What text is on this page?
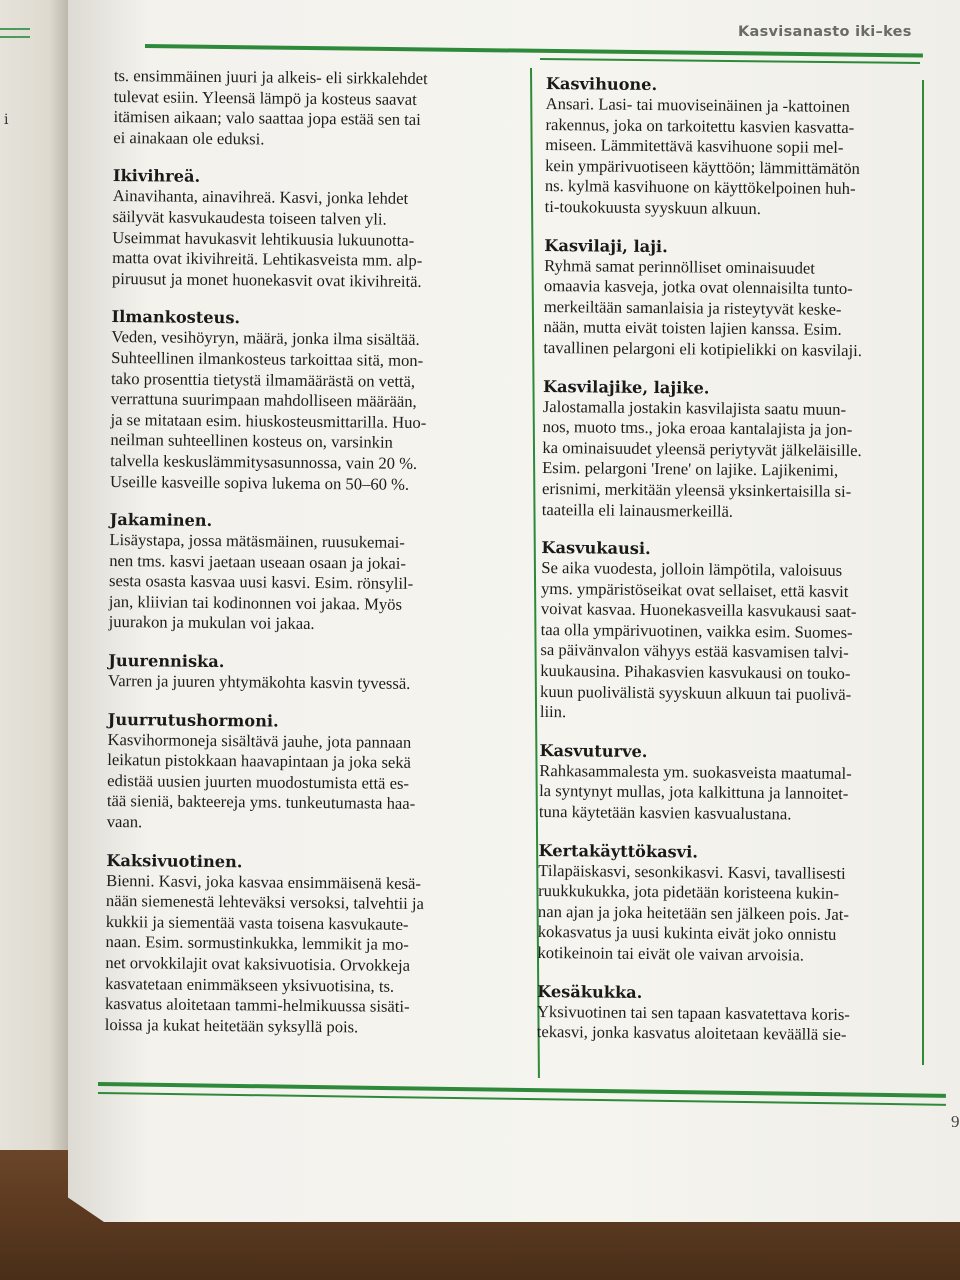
i
Kasvisanasto iki–kes

ts. ensimmäinen juuri ja alkeis- eli sirkkalehdet
tulevat esiin. Yleensä lämpö ja kosteus saavat
itämisen aikaan; valo saattaa jopa estää sen tai
ei ainakaan ole eduksi.

Ikivihreä.

Ainavihanta, ainavihreä. Kasvi, jonka lehdet
säilyvät kasvukaudesta toiseen talven yli.
Useimmat havukasvit lehtikuusia lukuunotta-
matta ovat ikivihreitä. Lehtikasveista mm. alp-
piruusut ja monet huonekasvit ovat ikivihreitä.

Ilmankosteus.

Veden, vesihöyryn, määrä, jonka ilma sisältää.
Suhteellinen ilmankosteus tarkoittaa sitä, mon-
tako prosenttia tietystä ilmamäärästä on vettä,
verrattuna suurimpaan mahdolliseen määrään,
ja se mitataan esim. hiuskosteusmittarilla. Huo-
neilman suhteellinen kosteus on, varsinkin
talvella keskuslämmitysasunnossa, vain 20 %.
Useille kasveille sopiva lukema on 50–60 %.

Jakaminen.

Lisäystapa, jossa mätäsmäinen, ruusukemai-
nen tms. kasvi jaetaan useaan osaan ja jokai-
sesta osasta kasvaa uusi kasvi. Esim. rönsylil-
jan, kliivian tai kodinonnen voi jakaa. Myös
juurakon ja mukulan voi jakaa.

Juurenniska.

Varren ja juuren yhtymäkohta kasvin tyvessä.

Juurrutushormoni.

Kasvihormoneja sisältävä jauhe, jota pannaan
leikatun pistokkaan haavapintaan ja joka sekä
edistää uusien juurten muodostumista että es-
tää sieniä, bakteereja yms. tunkeutumasta haa-
vaan.

Kaksivuotinen.

Bienni. Kasvi, joka kasvaa ensimmäisenä kesä-
nään siemenestä lehteväksi versoksi, talvehtii ja
kukkii ja siementää vasta toisena kasvukaute-
naan. Esim. sormustinkukka, lemmikit ja mo-
net orvokkilajit ovat kaksivuotisia. Orvokkeja
kasvatetaan enimmäkseen yksivuotisina, ts.
kasvatus aloitetaan tammi-helmikuussa sisäti-
loissa ja kukat heitetään syksyllä pois.

Kasvihuone.

Ansari. Lasi- tai muoviseinäinen ja -kattoinen
rakennus, joka on tarkoitettu kasvien kasvatta-
miseen. Lämmitettävä kasvihuone sopii mel-
kein ympärivuotiseen käyttöön; lämmittämätön
ns. kylmä kasvihuone on käyttökelpoinen huh-
ti-toukokuusta syyskuun alkuun.

Kasvilaji, laji.

Ryhmä samat perinnölliset ominaisuudet
omaavia kasveja, jotka ovat olennaisilta tunto-
merkeiltään samanlaisia ja risteytyvät keske-
nään, mutta eivät toisten lajien kanssa. Esim.
tavallinen pelargoni eli kotipielikki on kasvilaji.

Kasvilajike, lajike.

Jalostamalla jostakin kasvilajista saatu muun-
nos, muoto tms., joka eroaa kantalajista ja jon-
ka ominaisuudet yleensä periytyvät jälkeläisille.
Esim. pelargoni 'Irene' on lajike. Lajikenimi,
erisnimi, merkitään yleensä yksinkertaisilla si-
taateilla eli lainausmerkeillä.

Kasvukausi.

Se aika vuodesta, jolloin lämpötila, valoisuus
yms. ympäristöseikat ovat sellaiset, että kasvit
voivat kasvaa. Huonekasveilla kasvukausi saat-
taa olla ympärivuotinen, vaikka esim. Suomes-
sa päivänvalon vähyys estää kasvamisen talvi-
kuukausina. Pihakasvien kasvukausi on touko-
kuun puolivälistä syyskuun alkuun tai puolivä-
liin.

Kasvuturve.

Rahkasammalesta ym. suokasveista maatumal-
la syntynyt mullas, jota kalkittuna ja lannoitet-
tuna käytetään kasvien kasvualustana.

Kertakäyttökasvi.

Tilapäiskasvi, sesonkikasvi. Kasvi, tavallisesti
ruukkukukka, jota pidetään koristeena kukin-
nan ajan ja joka heitetään sen jälkeen pois. Jat-
kokasvatus ja uusi kukinta eivät joko onnistu
kotikeinoin tai eivät ole vaivan arvoisia.

Kesäkukka.

Yksivuotinen tai sen tapaan kasvatettava koris-
tekasvi, jonka kasvatus aloitetaan keväällä sie-

9
